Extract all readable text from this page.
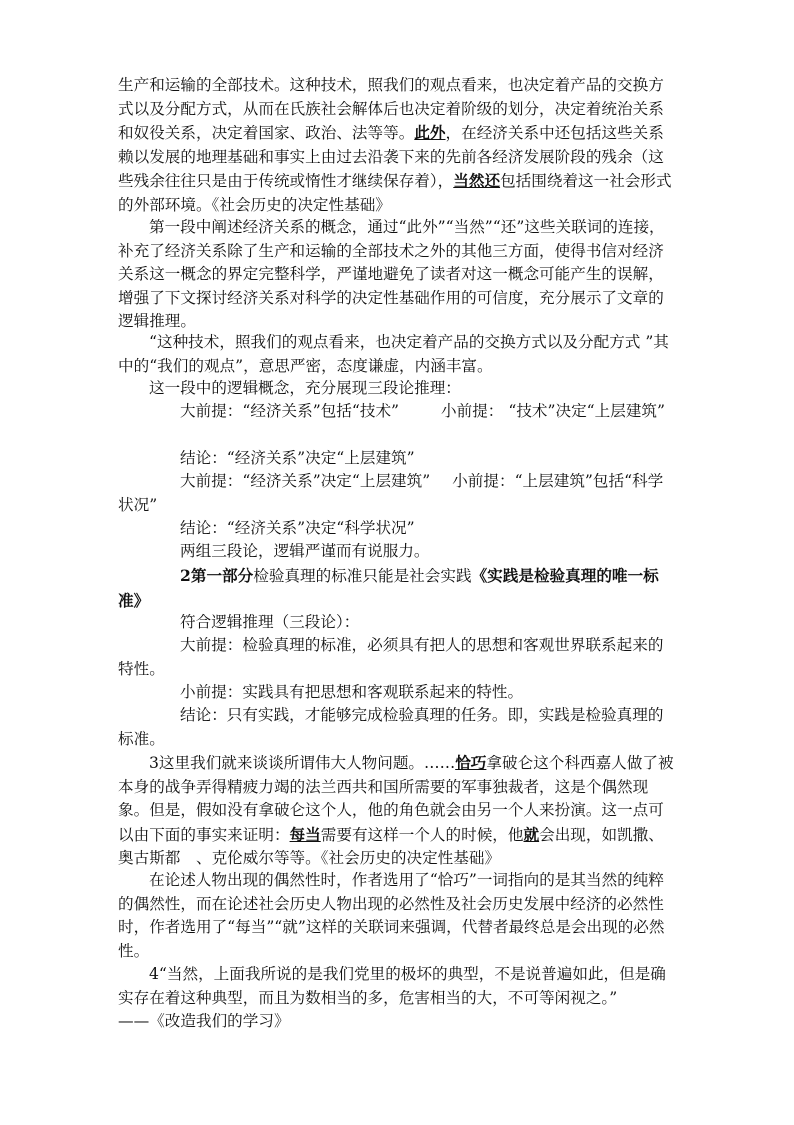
生产和运输的全部技术。这种技术，照我们的观点看来，也决定着产品的交换方式以及分配方式，从而在氏族社会解体后也决定着阶级的划分，决定着统治关系和奴役关系，决定着国家、政治、法等等。此外，在经济关系中还包括这些关系赖以发展的地理基础和事实上由过去沿袭下来的先前各经济发展阶段的残余（这些残余往往只是由于传统或惰性才继续保存着），当然还包括围绕着这一社会形式的外部环境。《社会历史的决定性基础》

第一段中阐述经济关系的概念，通过“此外”“当然”“还”这些关联词的连接，补充了经济关系除了生产和运输的全部技术之外的其他三方面，使得书信对经济关系这一概念的界定完整科学，严谨地避免了读者对这一概念可能产生的误解，增强了下文探讨经济关系对科学的决定性基础作用的可信度，充分展示了文章的逻辑推理。

“这种技术，照我们的观点看来，也决定着产品的交换方式以及分配方式 ”其中的“我们的观点”，意思严密，态度谦虚，内涵丰富。

这一段中的逻辑概念，充分展现三段论推理：

大前提：“经济关系”包括“技术”	小前提： “技术”决定“上层建筑”

结论：“经济关系”决定“上层建筑”

大前提：“经济关系”决定“上层建筑” 小前提：“上层建筑”包括“科学状况”

结论：“经济关系”决定“科学状况”

两组三段论，逻辑严谨而有说服力。

2第一部分检验真理的标准只能是社会实践《实践是检验真理的唯一标准》

符合逻辑推理（三段论）：

大前提：检验真理的标准，必须具有把人的思想和客观世界联系起来的特性。

小前提：实践具有把思想和客观联系起来的特性。

结论：只有实践，才能够完成检验真理的任务。即，实践是检验真理的标准。

3这里我们就来谈谈所谓伟大人物问题。……恰巧拿破仑这个科西嘉人做了被本身的战争弄得精疲力竭的法兰西共和国所需要的军事独裁者，这是个偶然现象。但是，假如没有拿破仑这个人，他的角色就会由另一个人来扮演。这一点可以由下面的事实来证明：每当需要有这样一个人的时候，他就会出现，如凯撒、奥古斯都　、克伦威尔等等。《社会历史的决定性基础》

在论述人物出现的偶然性时，作者选用了“恰巧”一词指向的是其当然的纯粹的偶然性，而在论述社会历史人物出现的必然性及社会历史发展中经济的必然性时，作者选用了“每当”“就”这样的关联词来强调，代替者最终总是会出现的必然性。

4“当然，上面我所说的是我们党里的极坏的典型，不是说普遍如此，但是确实存在着这种典型，而且为数相当的多，危害相当的大，不可等闲视之。”

——《改造我们的学习》
